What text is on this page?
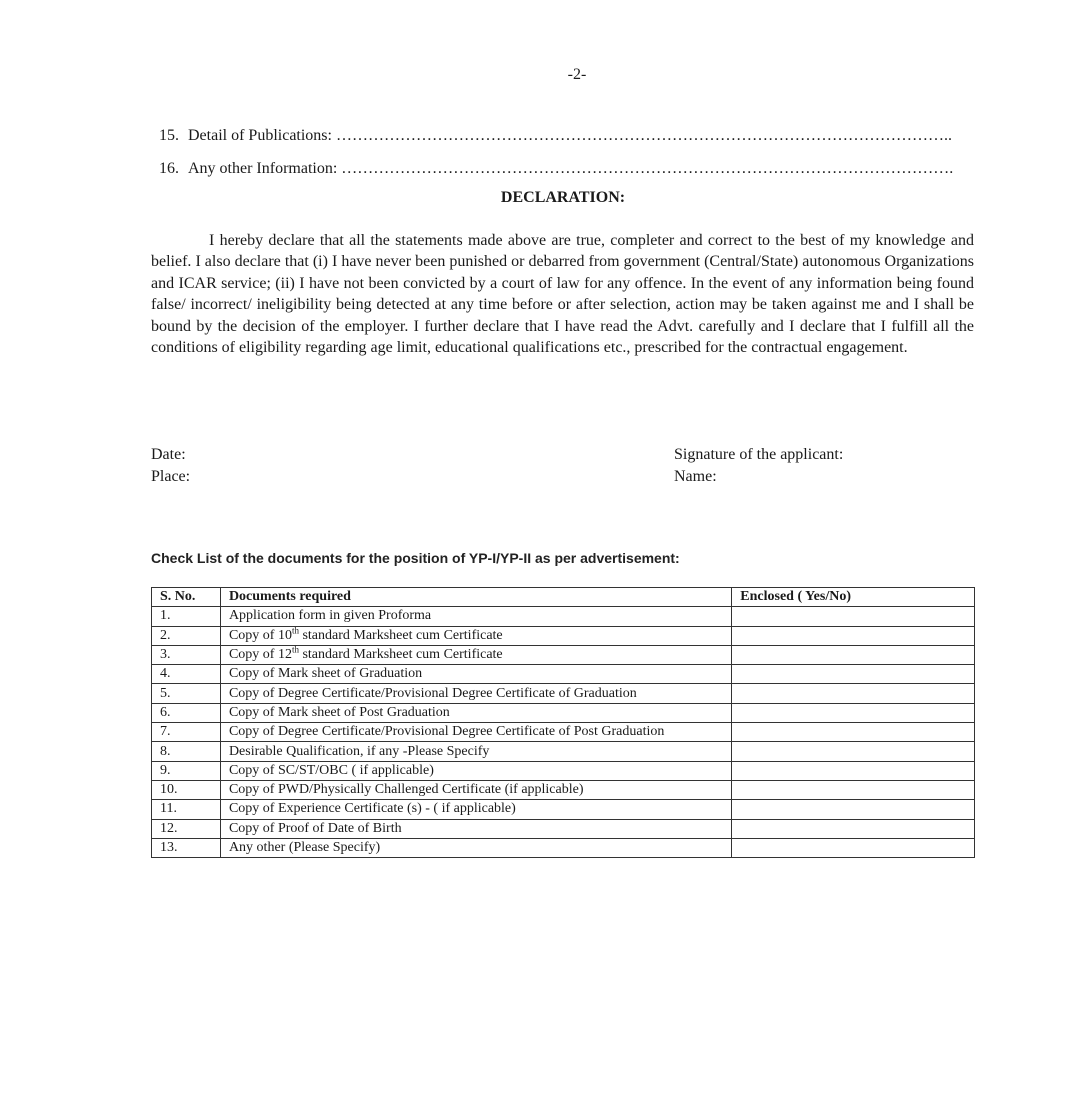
-2-
15. Detail of Publications: ……………………………………………………………………………………………………..
16. Any other Information: …………………………………………………………………………………………………….
DECLARATION:

I hereby declare that all the statements made above are true, completer and correct to the best of my knowledge and belief. I also declare that (i) I have never been punished or debarred from government (Central/State) autonomous Organizations and ICAR service; (ii) I have not been convicted by a court of law for any offence. In the event of any information being found false/ incorrect/ ineligibility being detected at any time before or after selection, action may be taken against me and I shall be bound by the decision of the employer. I further declare that I have read the Advt. carefully and I declare that I fulfill all the conditions of eligibility regarding age limit, educational qualifications etc., prescribed for the contractual engagement.

Date:
Place:
Signature of the applicant:
Name:
Check List of the documents for the position of YP-I/YP-II as per advertisement:
S. No.	Documents required	Enclosed ( Yes/No)
1.	Application form in given Proforma	
2.	Copy of 10th standard Marksheet cum Certificate	
3.	Copy of 12th standard Marksheet cum Certificate	
4.	Copy of Mark sheet of Graduation	
5.	Copy of Degree Certificate/Provisional Degree Certificate of Graduation	
6.	Copy of Mark sheet of Post Graduation	
7.	Copy of Degree Certificate/Provisional Degree Certificate of Post Graduation	
8.	Desirable Qualification, if any -Please Specify	
9.	Copy of SC/ST/OBC ( if applicable)	
10.	Copy of PWD/Physically Challenged Certificate (if applicable)	
11.	Copy of Experience Certificate (s) - ( if applicable)	
12.	Copy of Proof of Date of Birth	
13.	Any other (Please Specify)	
